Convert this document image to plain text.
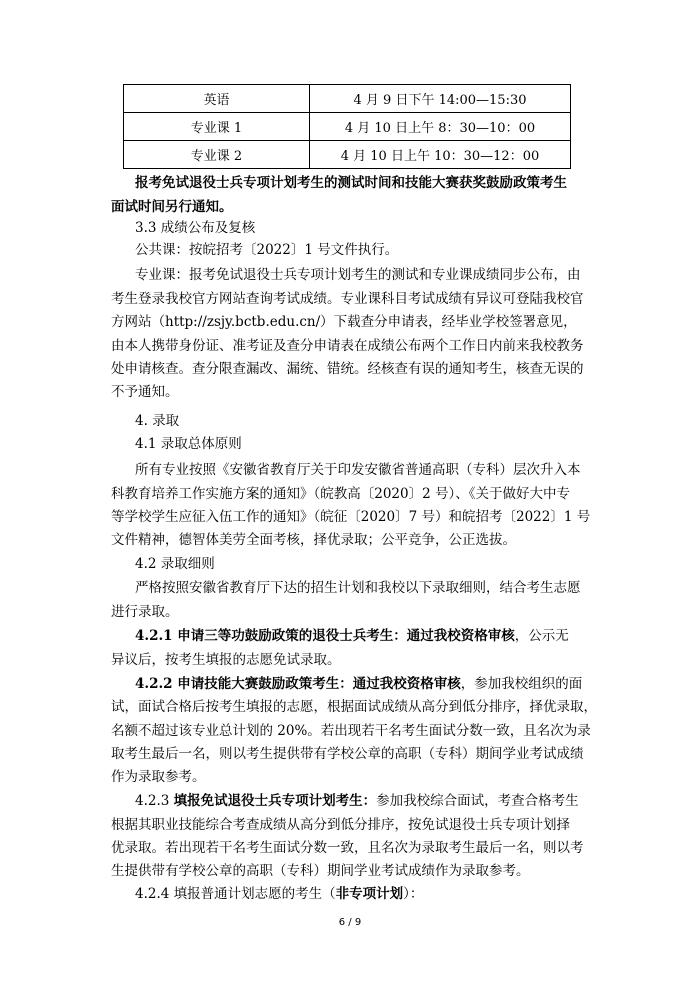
英语	4 月 9 日下午 14:00—15:30
专业课 1	4 月 10 日上午 8：30—10：00
专业课 2	4 月 10 日上午 10：30—12：00
报考免试退役士兵专项计划考生的测试时间和技能大赛获奖鼓励政策考生
面试时间另行通知。
3.3 成绩公布及复核
公共课：按皖招考〔2022〕1 号文件执行。
专业课：报考免试退役士兵专项计划考生的测试和专业课成绩同步公布，由
考生登录我校官方网站查询考试成绩。专业课科目考试成绩有异议可登陆我校官
方网站（http://zsjy.bctb.edu.cn/）下载查分申请表，经毕业学校签署意见，
由本人携带身份证、准考证及查分申请表在成绩公布两个工作日内前来我校教务
处申请核查。查分限查漏改、漏统、错统。经核查有误的通知考生，核查无误的
不予通知。
4. 录取
4.1 录取总体原则
所有专业按照《安徽省教育厅关于印发安徽省普通高职（专科）层次升入本
科教育培养工作实施方案的通知》（皖教高〔2020〕2 号）、《关于做好大中专
等学校学生应征入伍工作的通知》（皖征〔2020〕7 号）和皖招考〔2022〕1 号
文件精神，德智体美劳全面考核，择优录取；公平竞争，公正选拔。
4.2 录取细则
严格按照安徽省教育厅下达的招生计划和我校以下录取细则，结合考生志愿
进行录取。
4.2.1 申请三等功鼓励政策的退役士兵考生：通过我校资格审核，公示无
异议后，按考生填报的志愿免试录取。
4.2.2 申请技能大赛鼓励政策考生：通过我校资格审核，参加我校组织的面
试，面试合格后按考生填报的志愿，根据面试成绩从高分到低分排序，择优录取，
名额不超过该专业总计划的 20%。若出现若干名考生面试分数一致，且名次为录
取考生最后一名，则以考生提供带有学校公章的高职（专科）期间学业考试成绩
作为录取参考。
4.2.3 填报免试退役士兵专项计划考生：参加我校综合面试，考查合格考生
根据其职业技能综合考查成绩从高分到低分排序，按免试退役士兵专项计划择
优录取。若出现若干名考生面试分数一致，且名次为录取考生最后一名，则以考
生提供带有学校公章的高职（专科）期间学业考试成绩作为录取参考。
4.2.4 填报普通计划志愿的考生（非专项计划）：
6 / 9
